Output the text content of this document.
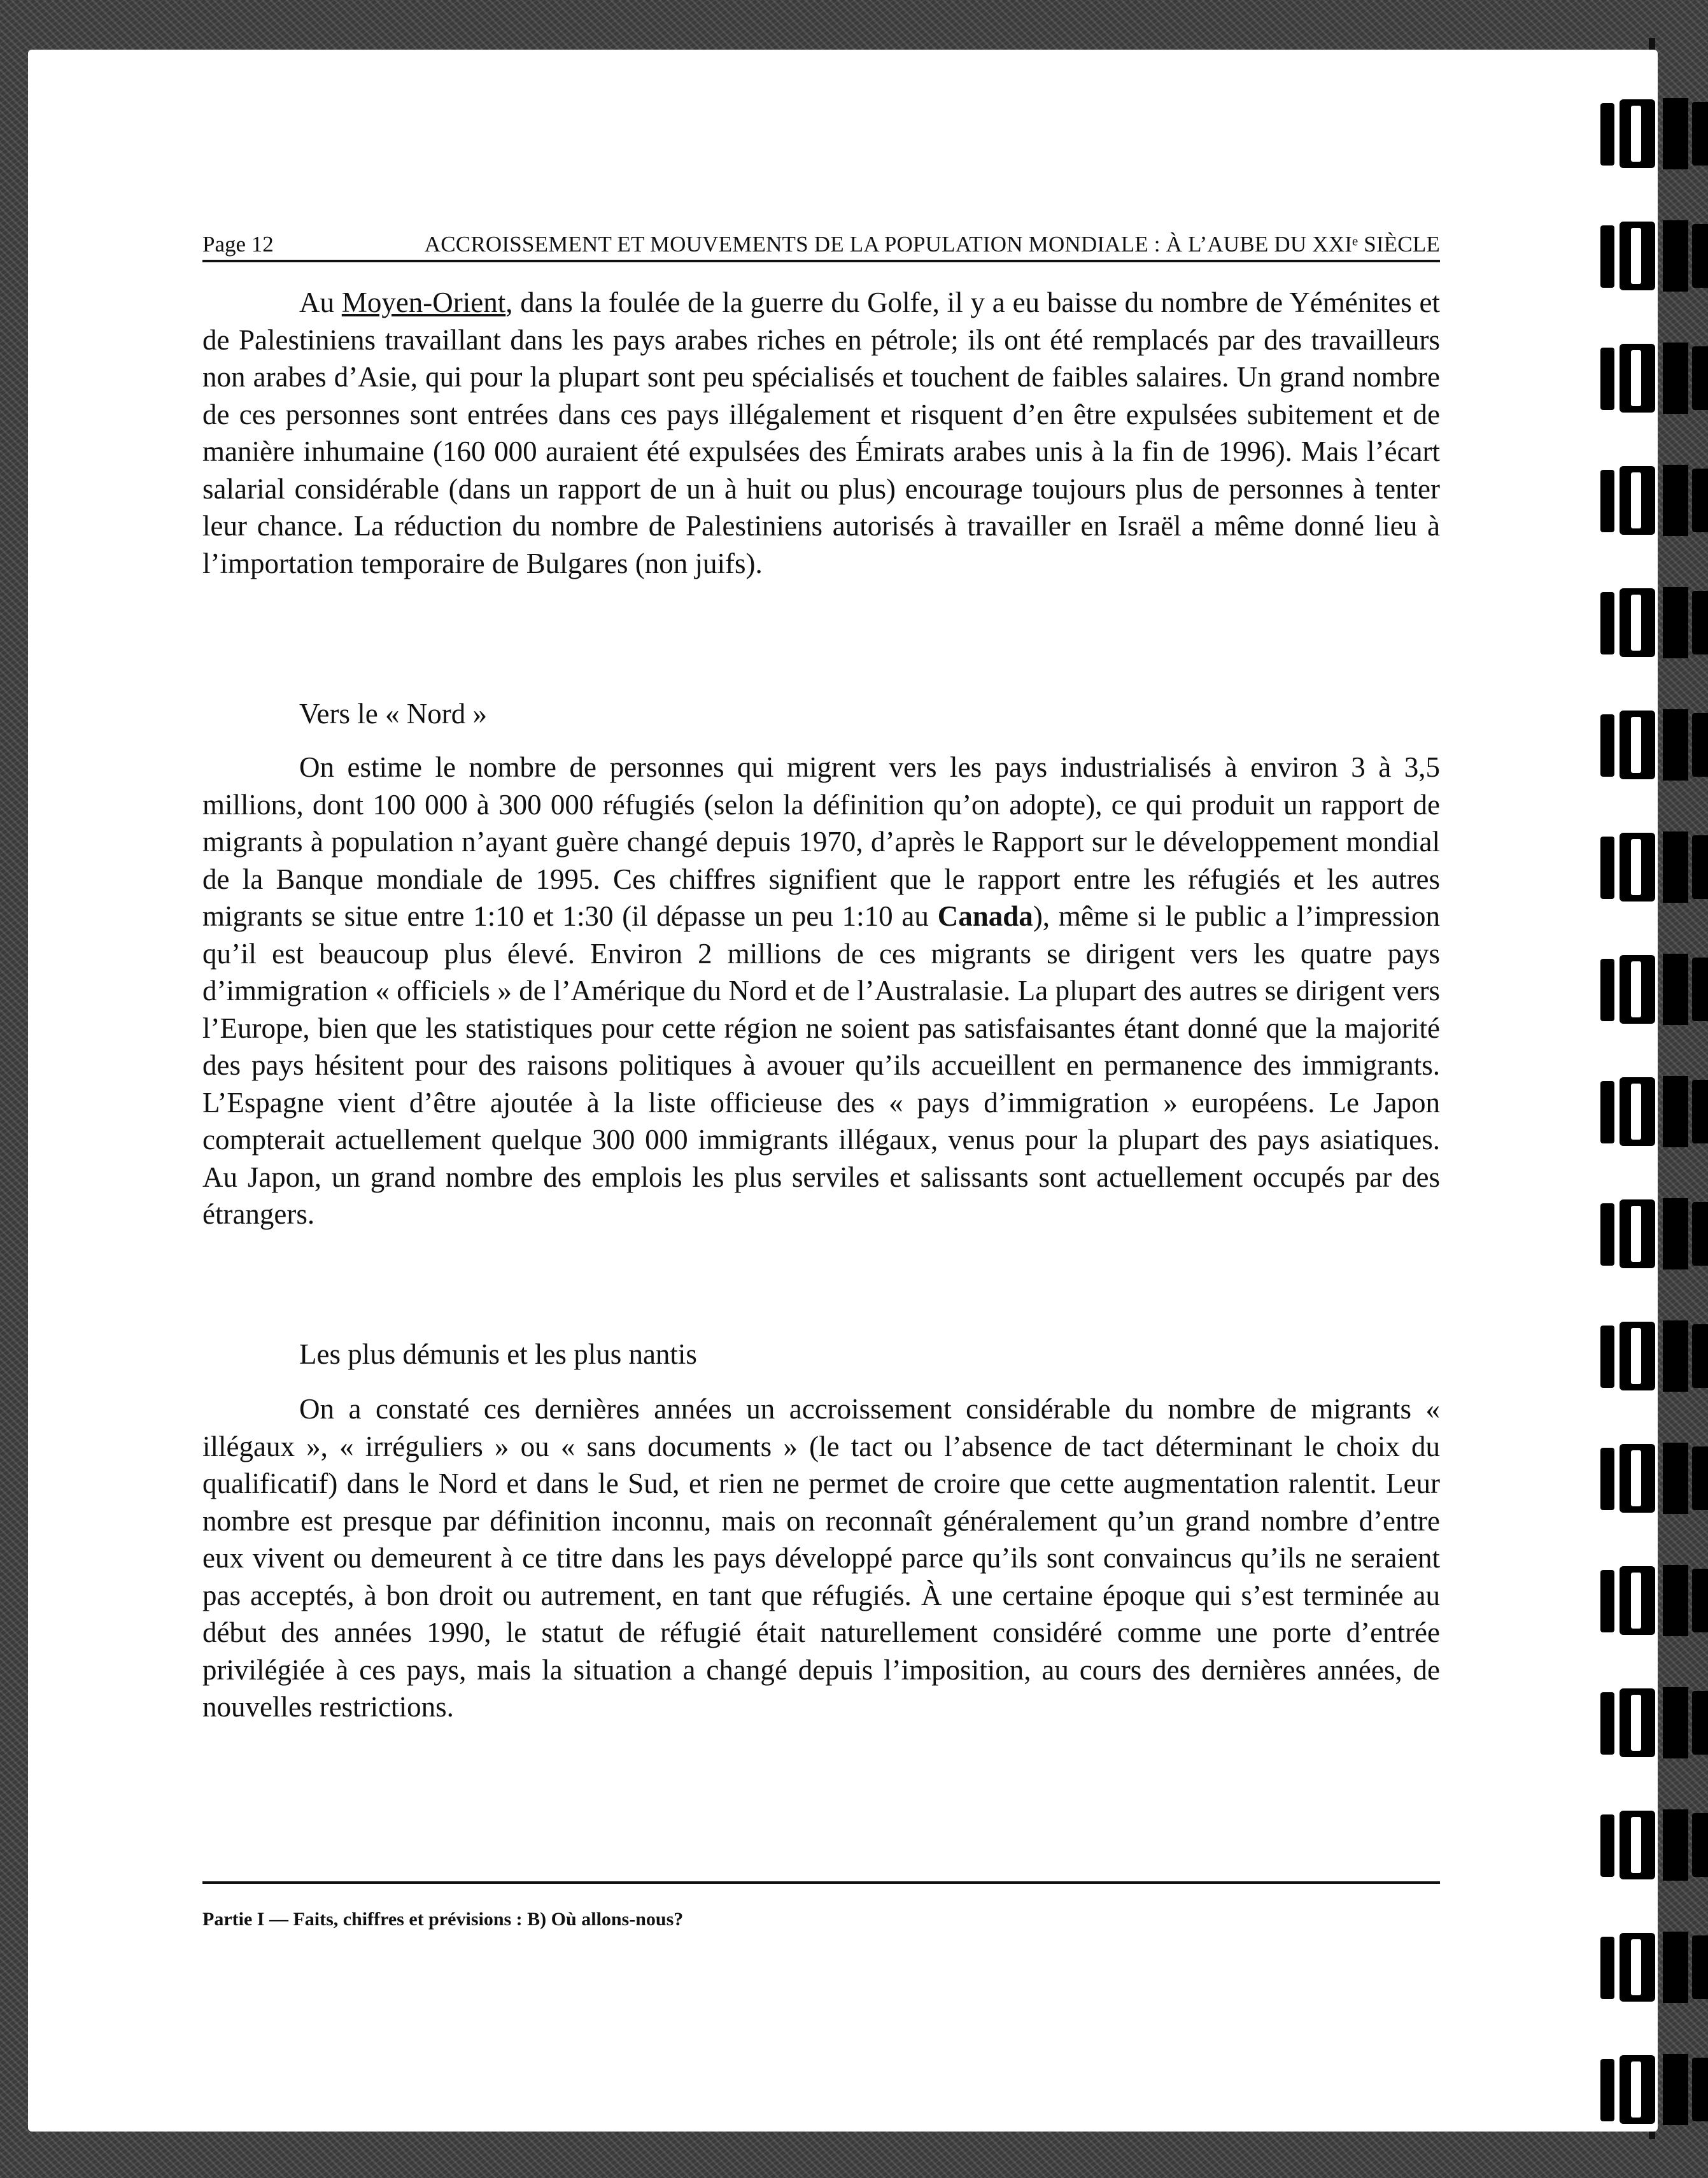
Page 12	ACCROISSEMENT ET MOUVEMENTS DE LA POPULATION MONDIALE : À L’AUBE DU XXIᵉ SIÈCLE

Au Moyen-Orient, dans la foulée de la guerre du Golfe, il y a eu baisse du nombre de Yéménites et de Palestiniens travaillant dans les pays arabes riches en pétrole; ils ont été remplacés par des travailleurs non arabes d’Asie, qui pour la plupart sont peu spécialisés et touchent de faibles salaires. Un grand nombre de ces personnes sont entrées dans ces pays illégalement et risquent d’en être expulsées subitement et de manière inhumaine (160 000 auraient été expulsées des Émirats arabes unis à la fin de 1996). Mais l’écart salarial considérable (dans un rapport de un à huit ou plus) encourage toujours plus de personnes à tenter leur chance. La réduction du nombre de Palestiniens autorisés à travailler en Israël a même donné lieu à l’importation temporaire de Bulgares (non juifs).

Vers le « Nord »

On estime le nombre de personnes qui migrent vers les pays industrialisés à environ 3 à 3,5 millions, dont 100 000 à 300 000 réfugiés (selon la définition qu’on adopte), ce qui produit un rapport de migrants à population n’ayant guère changé depuis 1970, d’après le Rapport sur le développement mondial de la Banque mondiale de 1995. Ces chiffres signifient que le rapport entre les réfugiés et les autres migrants se situe entre 1:10 et 1:30 (il dépasse un peu 1:10 au Canada), même si le public a l’impression qu’il est beaucoup plus élevé. Environ 2 millions de ces migrants se dirigent vers les quatre pays d’immigration « officiels » de l’Amérique du Nord et de l’Australasie. La plupart des autres se dirigent vers l’Europe, bien que les statistiques pour cette région ne soient pas satisfaisantes étant donné que la majorité des pays hésitent pour des raisons politiques à avouer qu’ils accueillent en permanence des immigrants. L’Espagne vient d’être ajoutée à la liste officieuse des « pays d’immigration » européens. Le Japon compterait actuellement quelque 300 000 immigrants illégaux, venus pour la plupart des pays asiatiques. Au Japon, un grand nombre des emplois les plus serviles et salissants sont actuellement occupés par des étrangers.

Les plus démunis et les plus nantis

On a constaté ces dernières années un accroissement considérable du nombre de migrants « illégaux », « irréguliers » ou « sans documents » (le tact ou l’absence de tact déterminant le choix du qualificatif) dans le Nord et dans le Sud, et rien ne permet de croire que cette augmentation ralentit. Leur nombre est presque par définition inconnu, mais on reconnaît généralement qu’un grand nombre d’entre eux vivent ou demeurent à ce titre dans les pays développé parce qu’ils sont convaincus qu’ils ne seraient pas acceptés, à bon droit ou autrement, en tant que réfugiés. À une certaine époque qui s’est terminée au début des années 1990, le statut de réfugié était naturellement considéré comme une porte d’entrée privilégiée à ces pays, mais la situation a changé depuis l’imposition, au cours des dernières années, de nouvelles restrictions.

Partie I — Faits, chiffres et prévisions : B) Où allons-nous?
